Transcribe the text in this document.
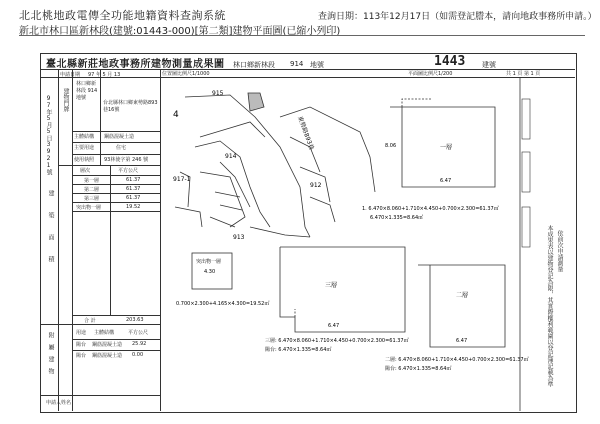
北北桃地政電傳全功能地籍資料查詢系統
新北市林口區新林段(建號:01443-000)[第二類]建物平面圖(已縮小列印)
查詢日期：113年12月17日（如需登記謄本，請向地政事務所申請。）
臺北縣新莊地政事務所建物測量成果圖 林口鄉新林段 914 地號	1443 建號
位置圖比例尺1/1000	平面圖比例尺1/200	共 1 頁 第 1 頁
97年5月5日3921號
申請日期 97 年 5 月 13
建物門牌
林口鄉新林段 914 地號
台北縣林口鄉東勢路893巷16號
主體結構 鋼筋混凝土造
主要用途	住宅
使用執照 93林使字第 246 號
建築面積
層次	平方公尺
第一層	61.37
第二層	61.37
第三層	61.37
突出物一層	19.52
合 計	203.63
附屬建物	用途 主體結構	平方公尺
陽台 鋼筋混凝土造 25.92
陽台 鋼筋混凝土造 0.00
申請人姓名
915
914
912
917-1
913
東勢路893巷
4
一層
6.47
8.06
1. 6.470×8.060+1.710×4.450+0.700×2.300=61.37㎡
6.470×1.335=8.64㎡
突出物一層
4.30
0.700×2.300+4.165×4.300=19.52㎡
三層
6.47
三層: 6.470×8.060+1.710×4.450+0.700×2.300=61.37㎡
陽台: 6.470×1.335=8.64㎡
二層
6.47
二層: 6.470×8.060+1.710×4.450+0.700×2.300=61.37㎡
陽台: 6.470×1.335=8.64㎡	本成果表以建物登記為限，其實際權利範圍以登記簿記載為準 依前次申請測量
